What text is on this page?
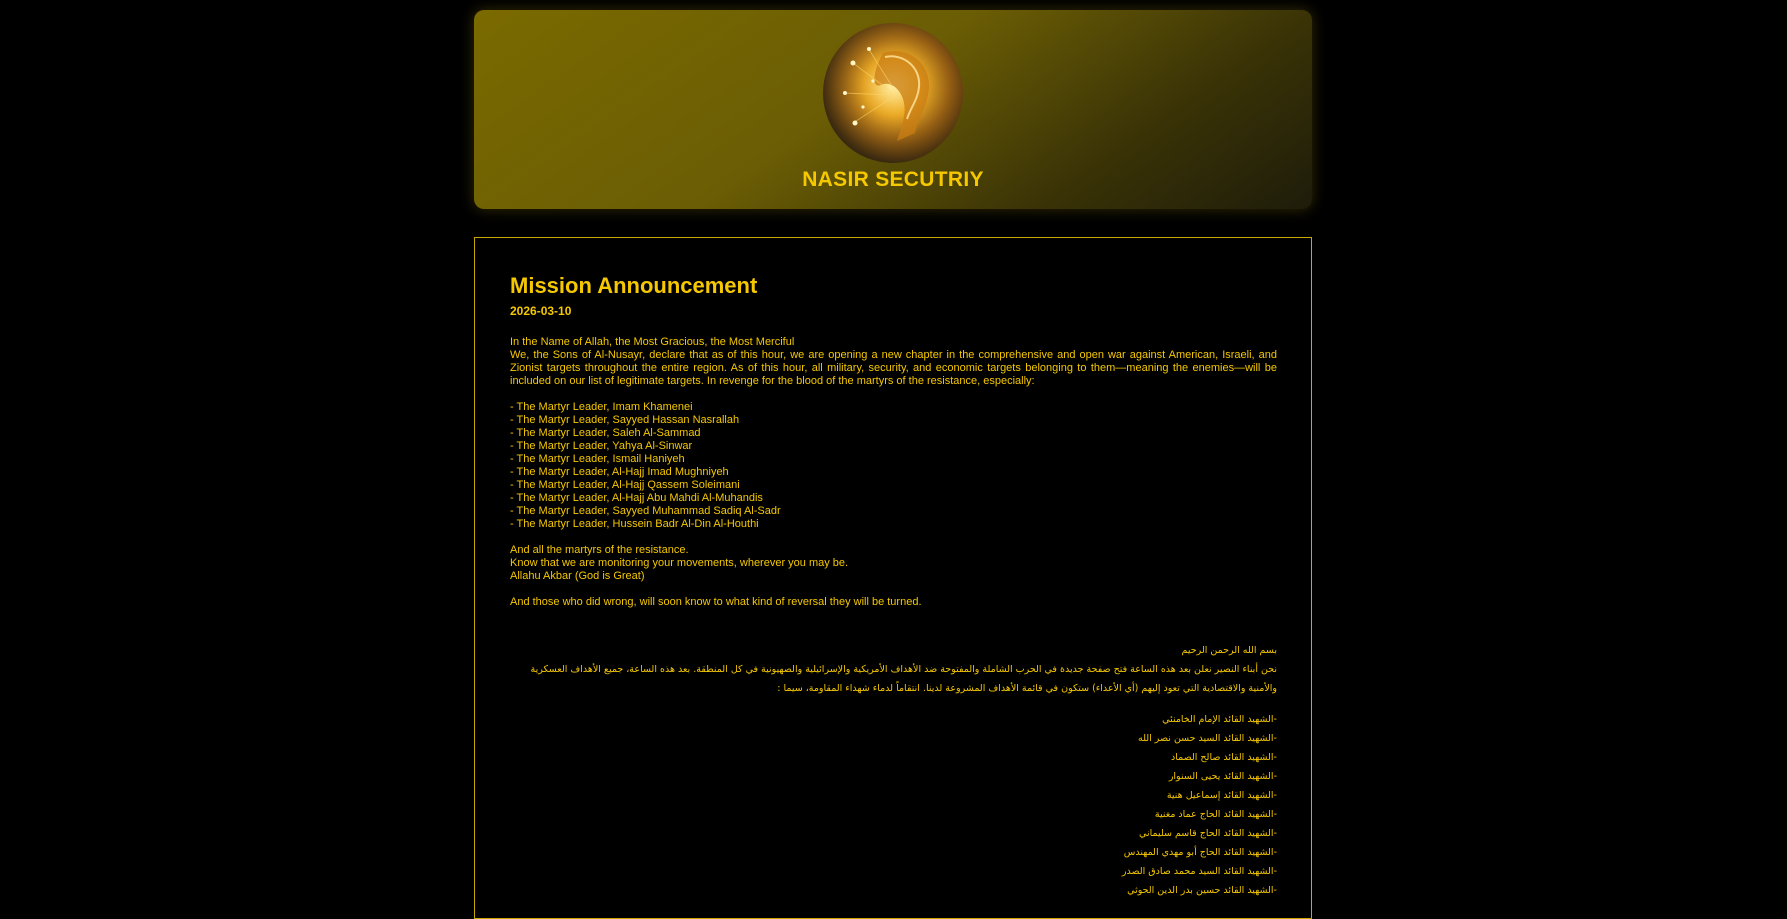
NASIR SECUTRIY
Mission Announcement
2026-03-10

In the Name of Allah, the Most Gracious, the Most Merciful

We, the Sons of Al-Nusayr, declare that as of this hour, we are opening a new chapter in the comprehensive and open war against American, Israeli, and Zionist targets throughout the entire region. As of this hour, all military, security, and economic targets belonging to them—meaning the enemies—will be included on our list of legitimate targets. In revenge for the blood of the martyrs of the resistance, especially:

- The Martyr Leader, Imam Khamenei
- The Martyr Leader, Sayyed Hassan Nasrallah
- The Martyr Leader, Saleh Al-Sammad
- The Martyr Leader, Yahya Al-Sinwar
- The Martyr Leader, Ismail Haniyeh
- The Martyr Leader, Al-Hajj Imad Mughniyeh
- The Martyr Leader, Al-Hajj Qassem Soleimani
- The Martyr Leader, Al-Hajj Abu Mahdi Al-Muhandis
- The Martyr Leader, Sayyed Muhammad Sadiq Al-Sadr
- The Martyr Leader, Hussein Badr Al-Din Al-Houthi

And all the martyrs of the resistance.

Know that we are monitoring your movements, wherever you may be.

Allahu Akbar (God is Great)

And those who did wrong, will soon know to what kind of reversal they will be turned.

بسم الله الرحمن الرحيم

نحن أبناء النصير نعلن بعد هذه الساعة فتح صفحة جديدة في الحرب الشاملة والمفتوحة ضد الأهداف الأمريكية والإسرائيلية والصهيونية في كل المنطقة. بعد هذه الساعة، جميع الأهداف العسكرية والأمنية والاقتصادية التي تعود إليهم (أي الأعداء) ستكون في قائمة الأهداف المشروعة لدينا. انتقاماً لدماء شهداء المقاومة، سيما :

-الشهيد القائد الإمام الخامنئي
-الشهيد القائد السيد حسن نصر الله
-الشهيد القائد صالح الصماد
-الشهيد القائد يحيى السنوار
-الشهيد القائد إسماعيل هنية
-الشهيد القائد الحاج عماد مغنية
-الشهيد القائد الحاج قاسم سليماني
-الشهيد القائد الحاج أبو مهدي المهندس
-الشهيد القائد السيد محمد صادق الصدر
-الشهيد القائد حسين بدر الدين الحوثي
